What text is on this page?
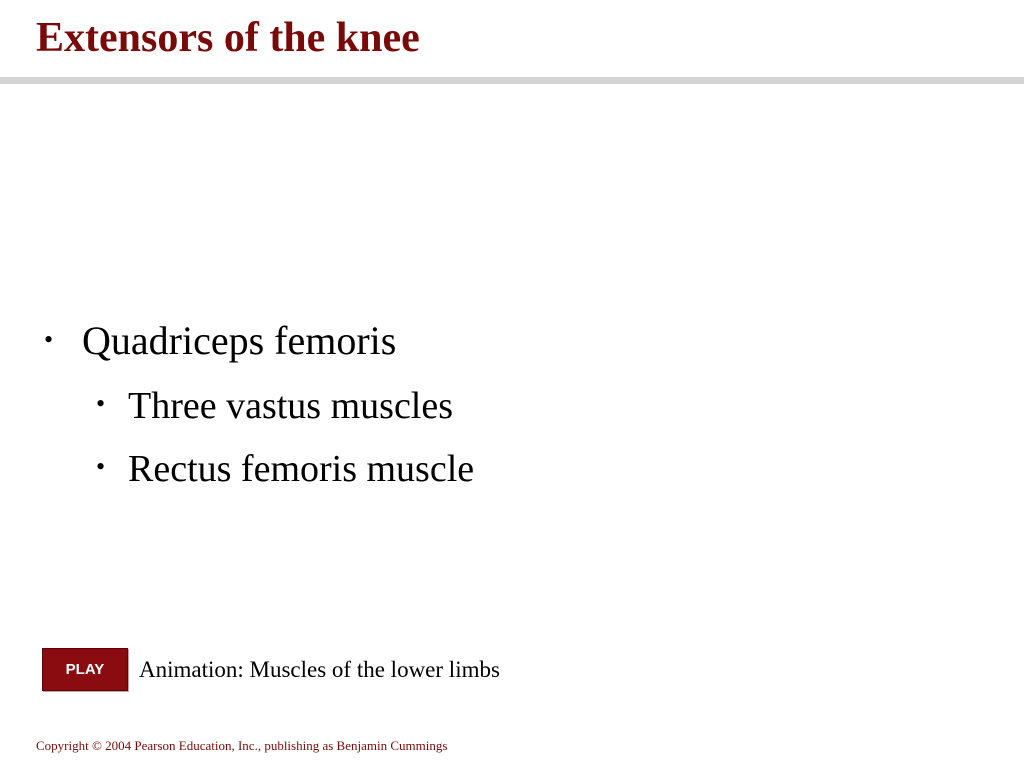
Extensors of the knee
• Quadriceps femoris
• Three vastus muscles
• Rectus femoris muscle
PLAY	Animation: Muscles of the lower limbs
Copyright © 2004 Pearson Education, Inc., publishing as Benjamin Cummings
